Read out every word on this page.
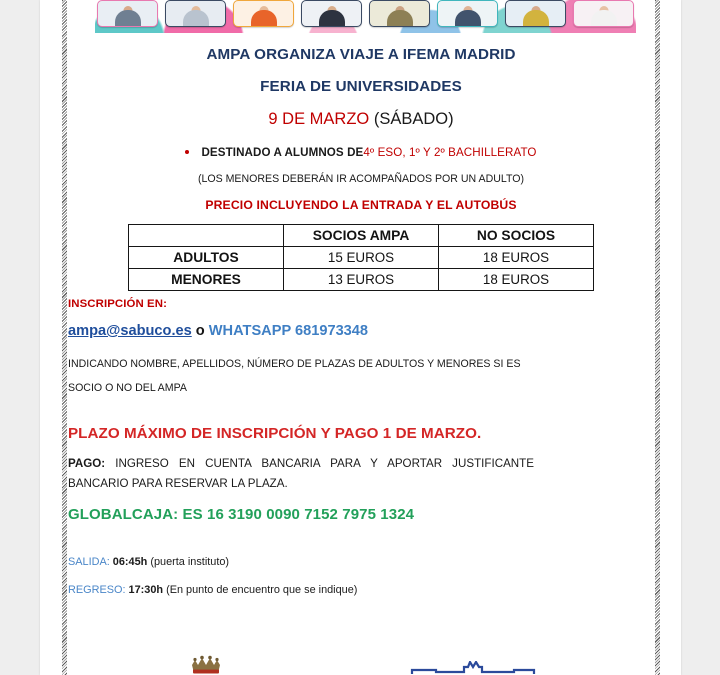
AMPA ORGANIZA VIAJE A IFEMA MADRID

FERIA DE UNIVERSIDADES

9 DE MARZO (SÁBADO)

DESTINADO A ALUMNOS DE4º ESO, 1º Y 2º BACHILLERATO

(LOS MENORES DEBERÁN IR ACOMPAÑADOS POR UN ADULTO)

PRECIO INCLUYENDO LA ENTRADA Y EL AUTOBÚS

	SOCIOS AMPA	NO SOCIOS
ADULTOS	15 EUROS	18 EUROS
MENORES	13 EUROS	18 EUROS

INSCRIPCIÓN EN:

ampa@sabuco.es o WHATSAPP 681973348

INDICANDO NOMBRE, APELLIDOS, NÚMERO DE PLAZAS DE ADULTOS Y MENORES SI ES

SOCIO O NO DEL AMPA

PLAZO MÁXIMO DE INSCRIPCIÓN Y PAGO 1 DE MARZO.

PAGO: INGRESO EN CUENTA BANCARIA PARA Y APORTAR JUSTIFICANTE BANCARIO PARA RESERVAR LA PLAZA.

GLOBALCAJA: ES 16 3190 0090 7152 7975 1324

SALIDA: 06:45h (puerta instituto)

REGRESO: 17:30h (En punto de encuentro que se indique)
